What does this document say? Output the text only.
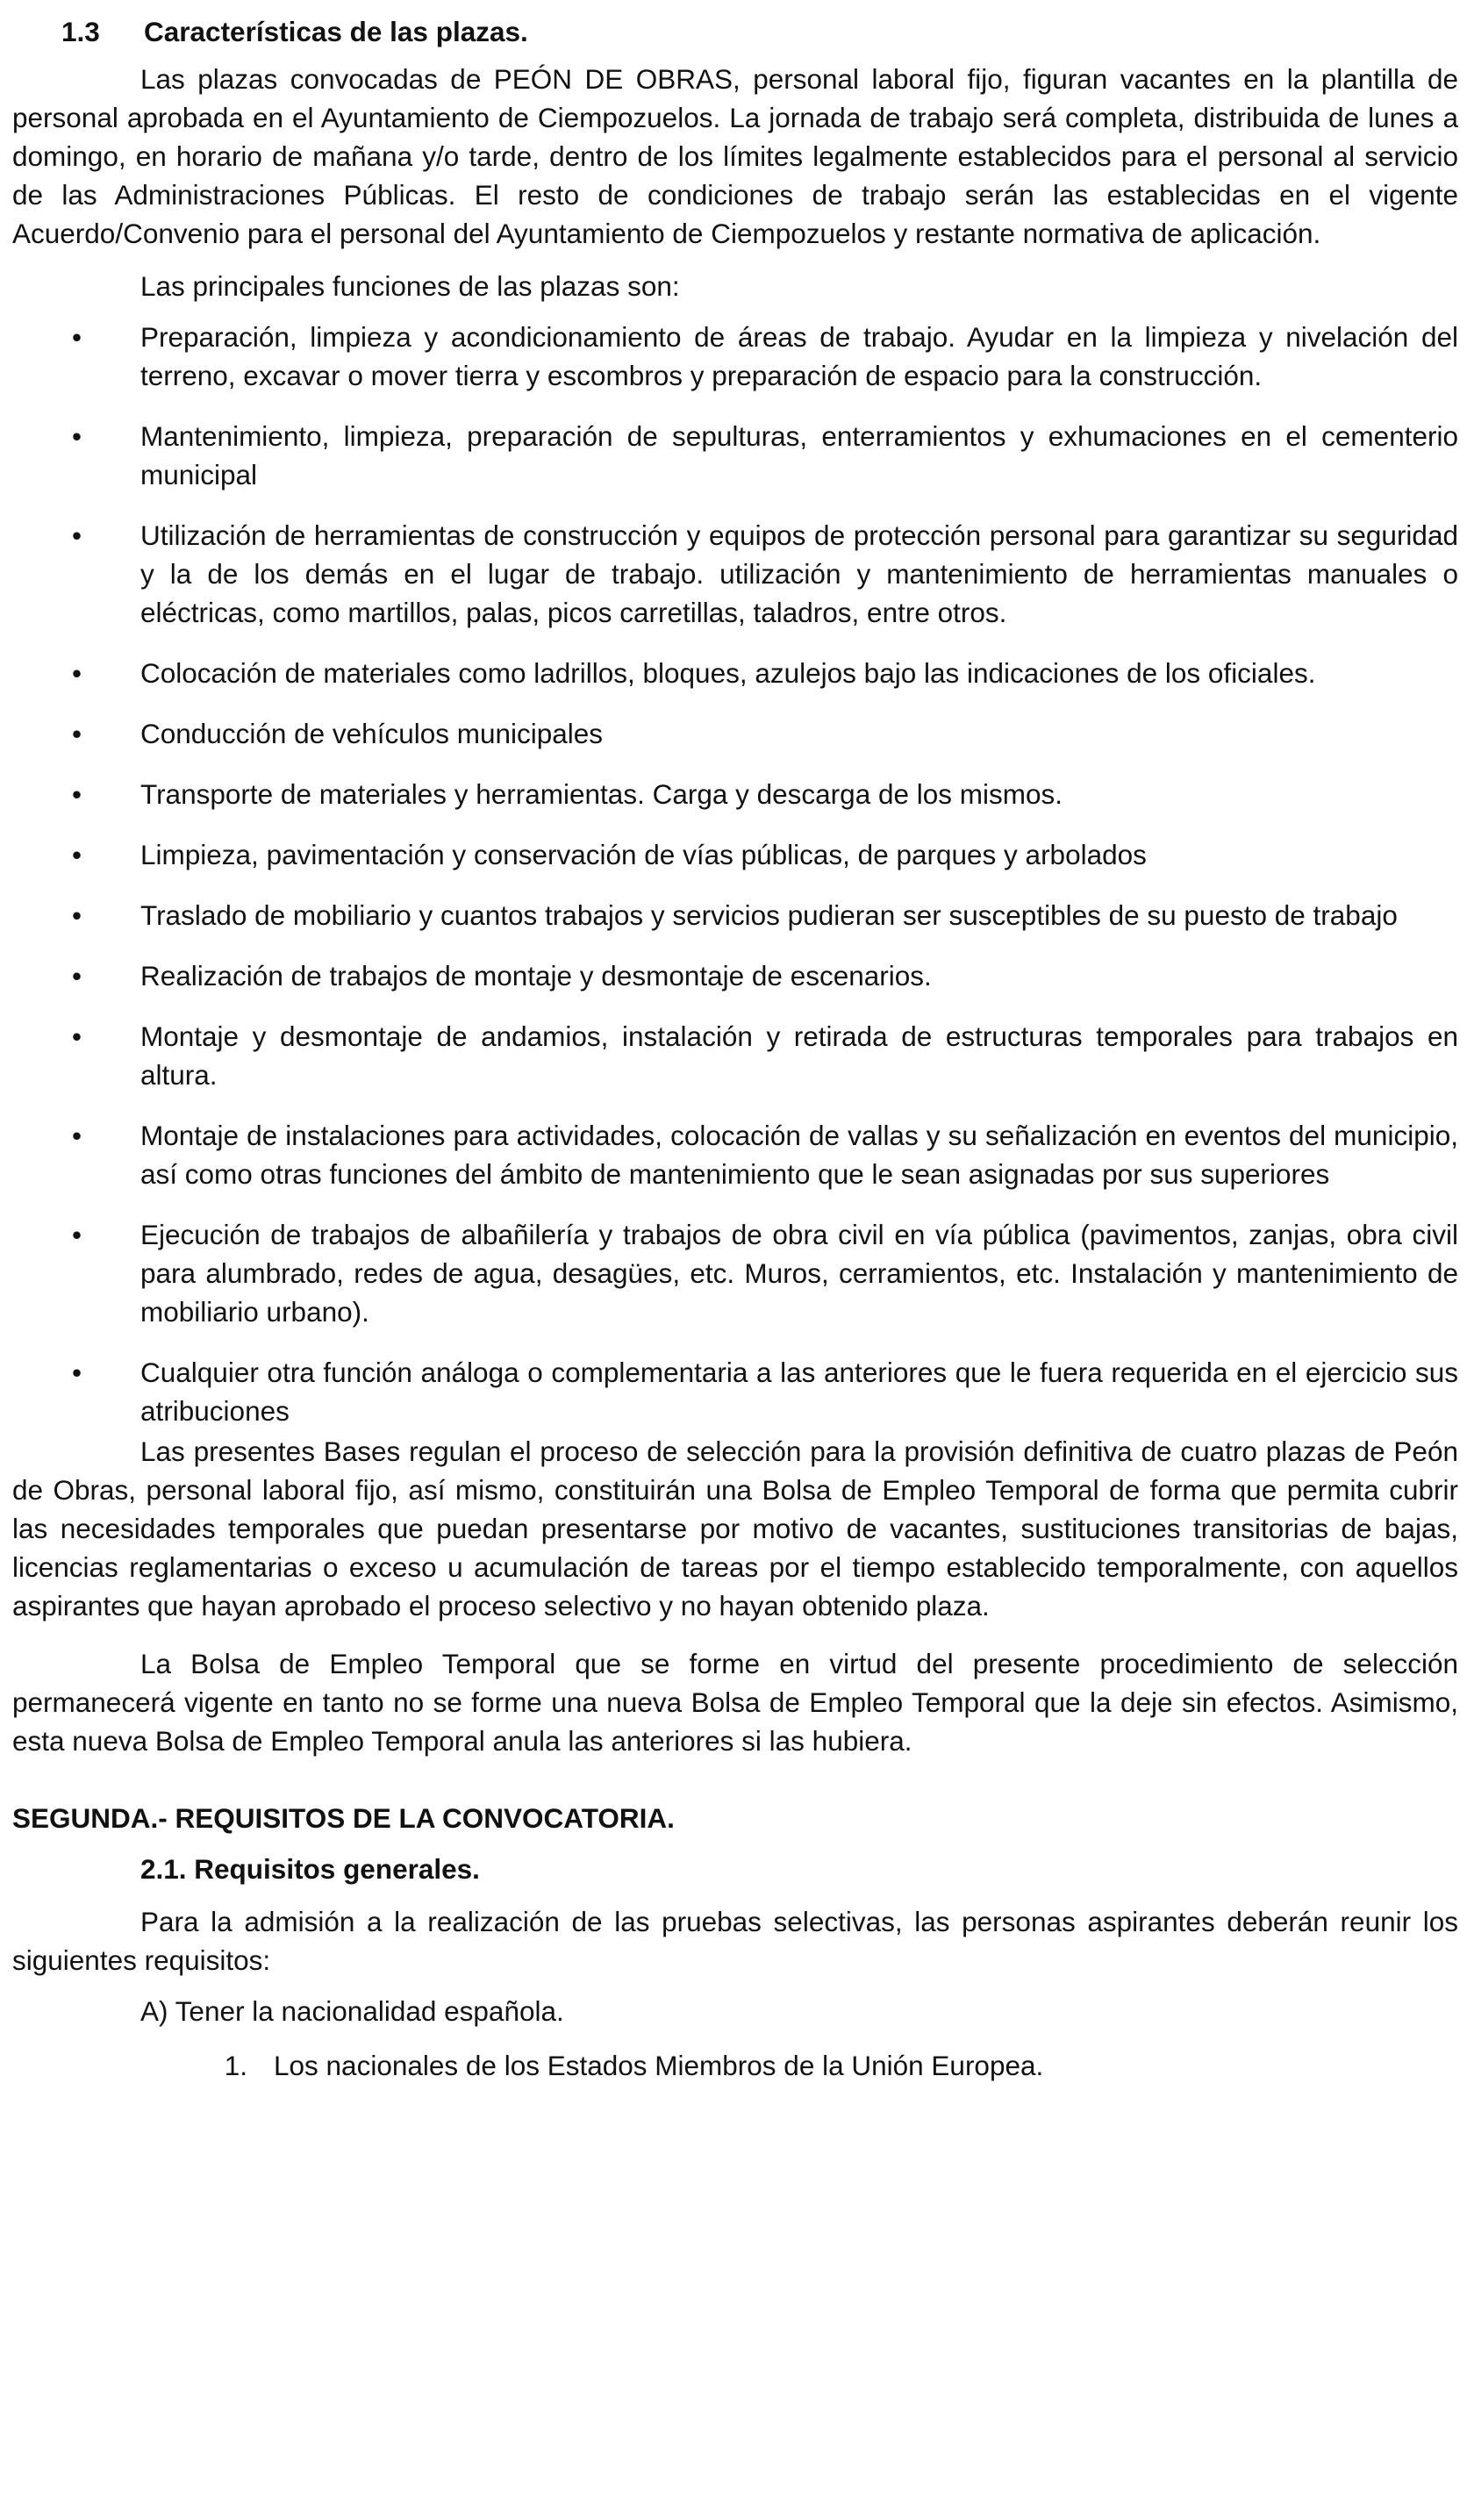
1.3	Características de las plazas.

Las plazas convocadas de PEÓN DE OBRAS, personal laboral fijo, figuran vacantes en la plantilla de personal aprobada en el Ayuntamiento de Ciempozuelos. La jornada de trabajo será completa, distribuida de lunes a domingo, en horario de mañana y/o tarde, dentro de los límites legalmente establecidos para el personal al servicio de las Administraciones Públicas. El resto de condiciones de trabajo serán las establecidas en el vigente Acuerdo/Convenio para el personal del Ayuntamiento de Ciempozuelos y restante normativa de aplicación.

Las principales funciones de las plazas son:

•	Preparación, limpieza y acondicionamiento de áreas de trabajo. Ayudar en la limpieza y nivelación del terreno, excavar o mover tierra y escombros y preparación de espacio para la construcción.
•	Mantenimiento, limpieza, preparación de sepulturas, enterramientos y exhumaciones en el cementerio municipal
•	Utilización de herramientas de construcción y equipos de protección personal para garantizar su seguridad y la de los demás en el lugar de trabajo. utilización y mantenimiento de herramientas manuales o eléctricas, como martillos, palas, picos carretillas, taladros, entre otros.
•	Colocación de materiales como ladrillos, bloques, azulejos bajo las indicaciones de los oficiales.
•	Conducción de vehículos municipales
•	Transporte de materiales y herramientas. Carga y descarga de los mismos.
•	Limpieza, pavimentación y conservación de vías públicas, de parques y arbolados
•	Traslado de mobiliario y cuantos trabajos y servicios pudieran ser susceptibles de su puesto de trabajo
•	Realización de trabajos de montaje y desmontaje de escenarios.
•	Montaje y desmontaje de andamios, instalación y retirada de estructuras temporales para trabajos en altura.
•	Montaje de instalaciones para actividades, colocación de vallas y su señalización en eventos del municipio, así como otras funciones del ámbito de mantenimiento que le sean asignadas por sus superiores
•	Ejecución de trabajos de albañilería y trabajos de obra civil en vía pública (pavimentos, zanjas, obra civil para alumbrado, redes de agua, desagües, etc. Muros, cerramientos, etc. Instalación y mantenimiento de mobiliario urbano).
•	Cualquier otra función análoga o complementaria a las anteriores que le fuera requerida en el ejercicio sus atribuciones

Las presentes Bases regulan el proceso de selección para la provisión definitiva de cuatro plazas de Peón de Obras, personal laboral fijo, así mismo, constituirán una Bolsa de Empleo Temporal de forma que permita cubrir las necesidades temporales que puedan presentarse por motivo de vacantes, sustituciones transitorias de bajas, licencias reglamentarias o exceso u acumulación de tareas por el tiempo establecido temporalmente, con aquellos aspirantes que hayan aprobado el proceso selectivo y no hayan obtenido plaza.

La Bolsa de Empleo Temporal que se forme en virtud del presente procedimiento de selección permanecerá vigente en tanto no se forme una nueva Bolsa de Empleo Temporal que la deje sin efectos. Asimismo, esta nueva Bolsa de Empleo Temporal anula las anteriores si las hubiera.

SEGUNDA.- REQUISITOS DE LA CONVOCATORIA.

2.1. Requisitos generales.

Para la admisión a la realización de las pruebas selectivas, las personas aspirantes deberán reunir los siguientes requisitos:

A) Tener la nacionalidad española.

1. Los nacionales de los Estados Miembros de la Unión Europea.
